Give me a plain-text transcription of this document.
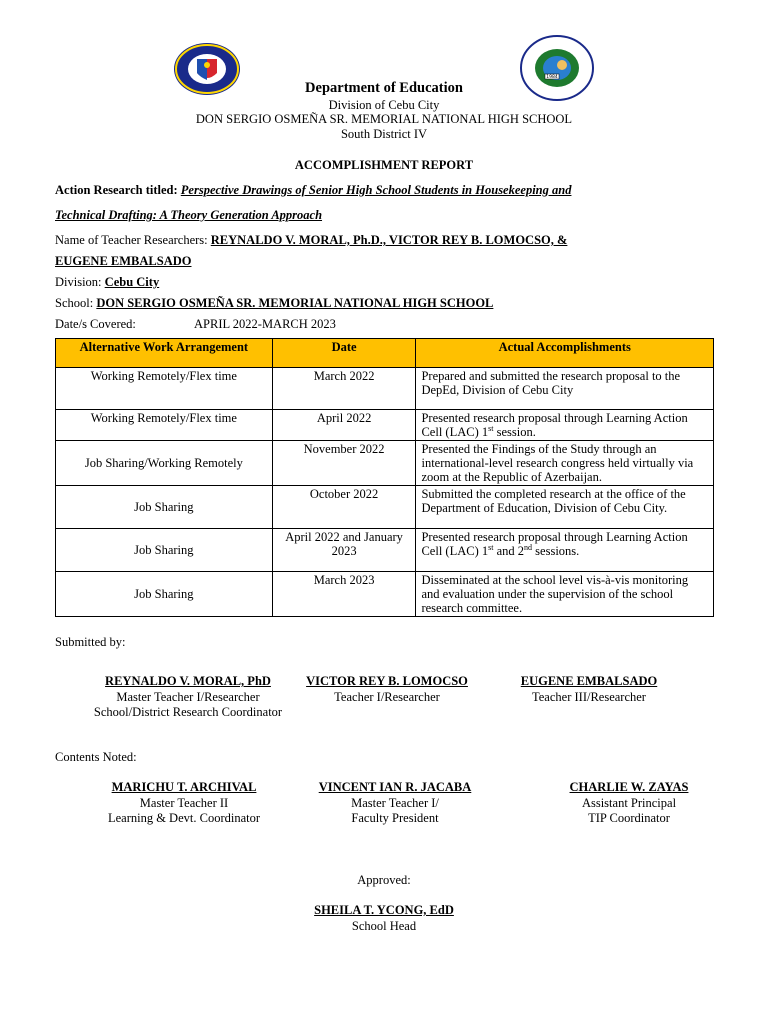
1984
Department of Education
Division of Cebu City
DON SERGIO OSMEÑA SR. MEMORIAL NATIONAL HIGH SCHOOL
South District IV
ACCOMPLISHMENT REPORT
Action Research titled: Perspective Drawings of Senior High School Students in Housekeeping and
Technical Drafting: A Theory Generation Approach
Name of Teacher Researchers: REYNALDO V. MORAL, Ph.D., VICTOR REY B. LOMOCSO, &
EUGENE EMBALSADO
Division: Cebu City
School: DON SERGIO OSMEÑA SR. MEMORIAL NATIONAL HIGH SCHOOL
Date/s Covered:	APRIL 2022-MARCH 2023
Alternative Work Arrangement	Date	Actual Accomplishments
Working Remotely/Flex time	March 2022	Prepared and submitted the research proposal to the DepEd, Division of Cebu City
Working Remotely/Flex time	April 2022	Presented research proposal through Learning Action Cell (LAC) 1st session.
Job Sharing/Working Remotely	November 2022	Presented the Findings of the Study through an international-level research congress held virtually via zoom at the Republic of Azerbaijan.
Job Sharing	October 2022	Submitted the completed research at the office of the Department of Education, Division of Cebu City.
Job Sharing	April 2022 and January 2023	Presented research proposal through Learning Action Cell (LAC) 1st and 2nd sessions.
Job Sharing	March 2023	Disseminated at the school level vis-à-vis monitoring and evaluation under the supervision of the school research committee.
Submitted by:
REYNALDO V. MORAL, PhD
Master Teacher I/Researcher
School/District Research Coordinator
VICTOR REY B. LOMOCSO
Teacher I/Researcher
EUGENE EMBALSADO
Teacher III/Researcher
Contents Noted:
MARICHU T. ARCHIVAL
Master Teacher II
Learning & Devt. Coordinator
VINCENT IAN R. JACABA
Master Teacher I/
Faculty President
CHARLIE W. ZAYAS
Assistant Principal
TIP Coordinator
Approved:
SHEILA T. YCONG, EdD
School Head
